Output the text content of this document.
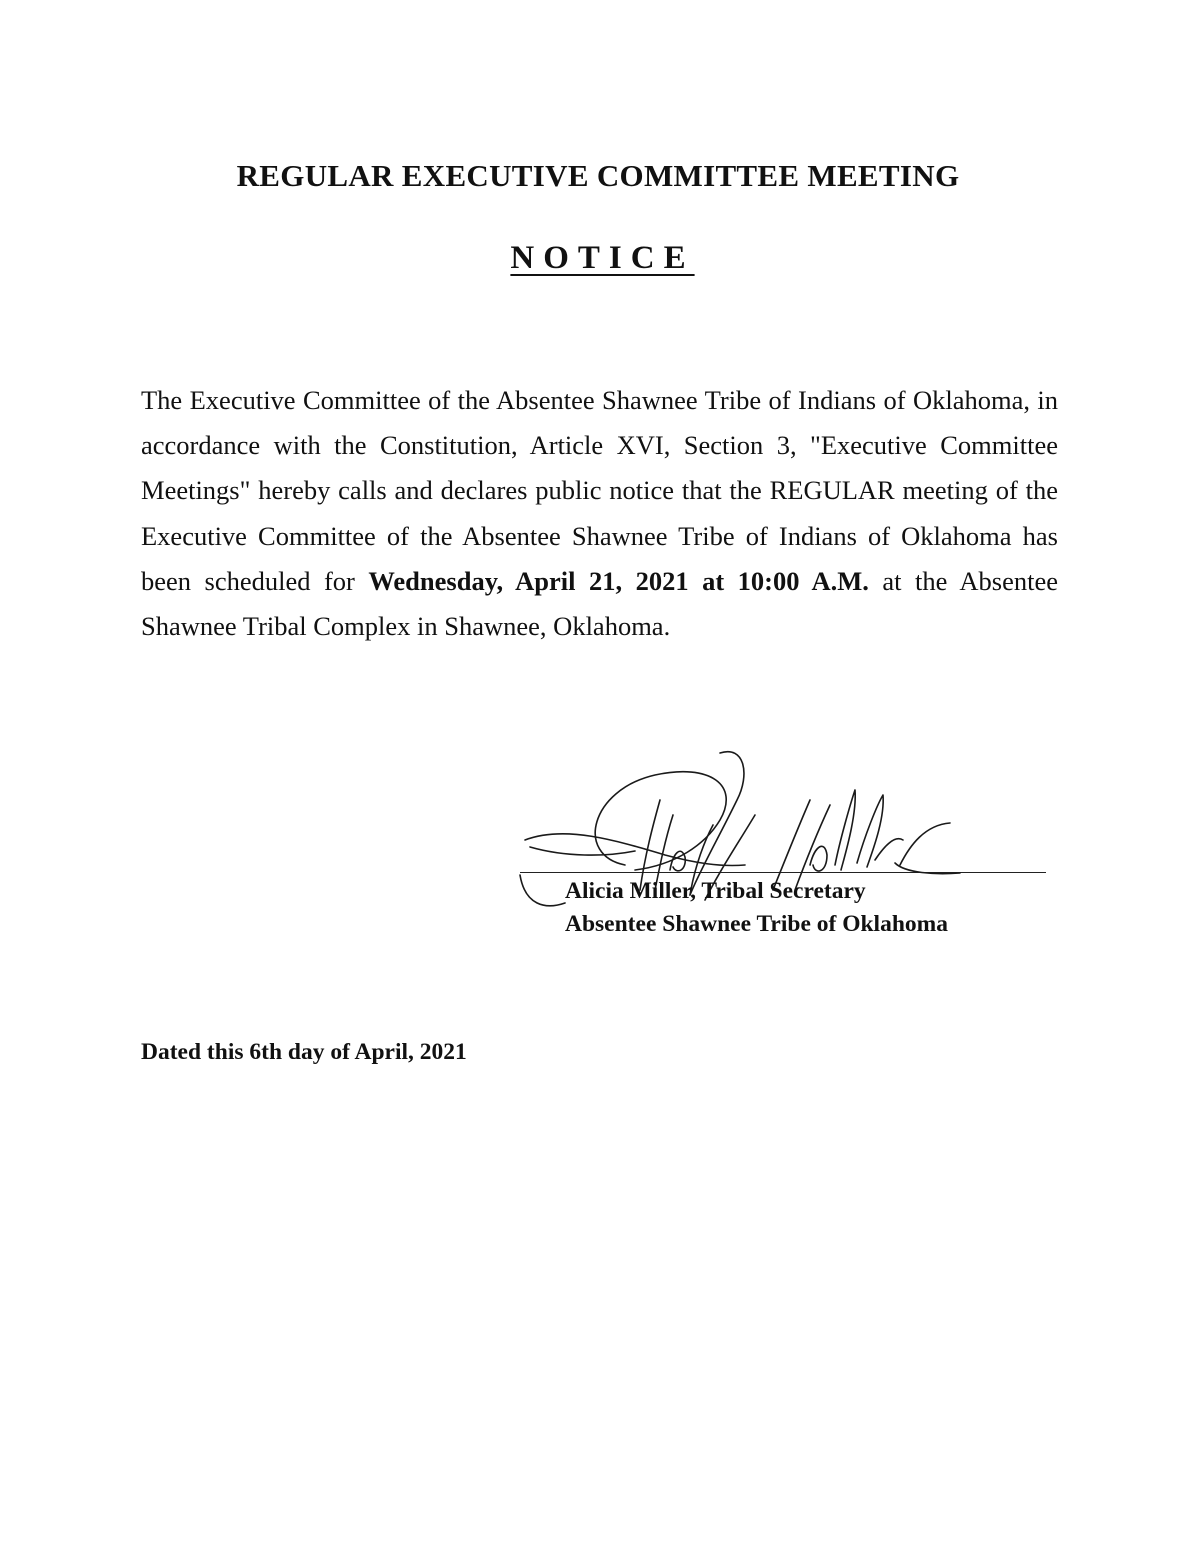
REGULAR EXECUTIVE COMMITTEE MEETING
NOTICE
The Executive Committee of the Absentee Shawnee Tribe of Indians of Oklahoma, in accordance with the Constitution, Article XVI, Section 3, "Executive Committee Meetings" hereby calls and declares public notice that the REGULAR meeting of the Executive Committee of the Absentee Shawnee Tribe of Indians of Oklahoma has been scheduled for Wednesday, April 21, 2021 at 10:00 A.M. at the Absentee Shawnee Tribal Complex in Shawnee, Oklahoma.
Alicia Miller, Tribal Secretary
Absentee Shawnee Tribe of Oklahoma
Dated this 6th day of April, 2021
